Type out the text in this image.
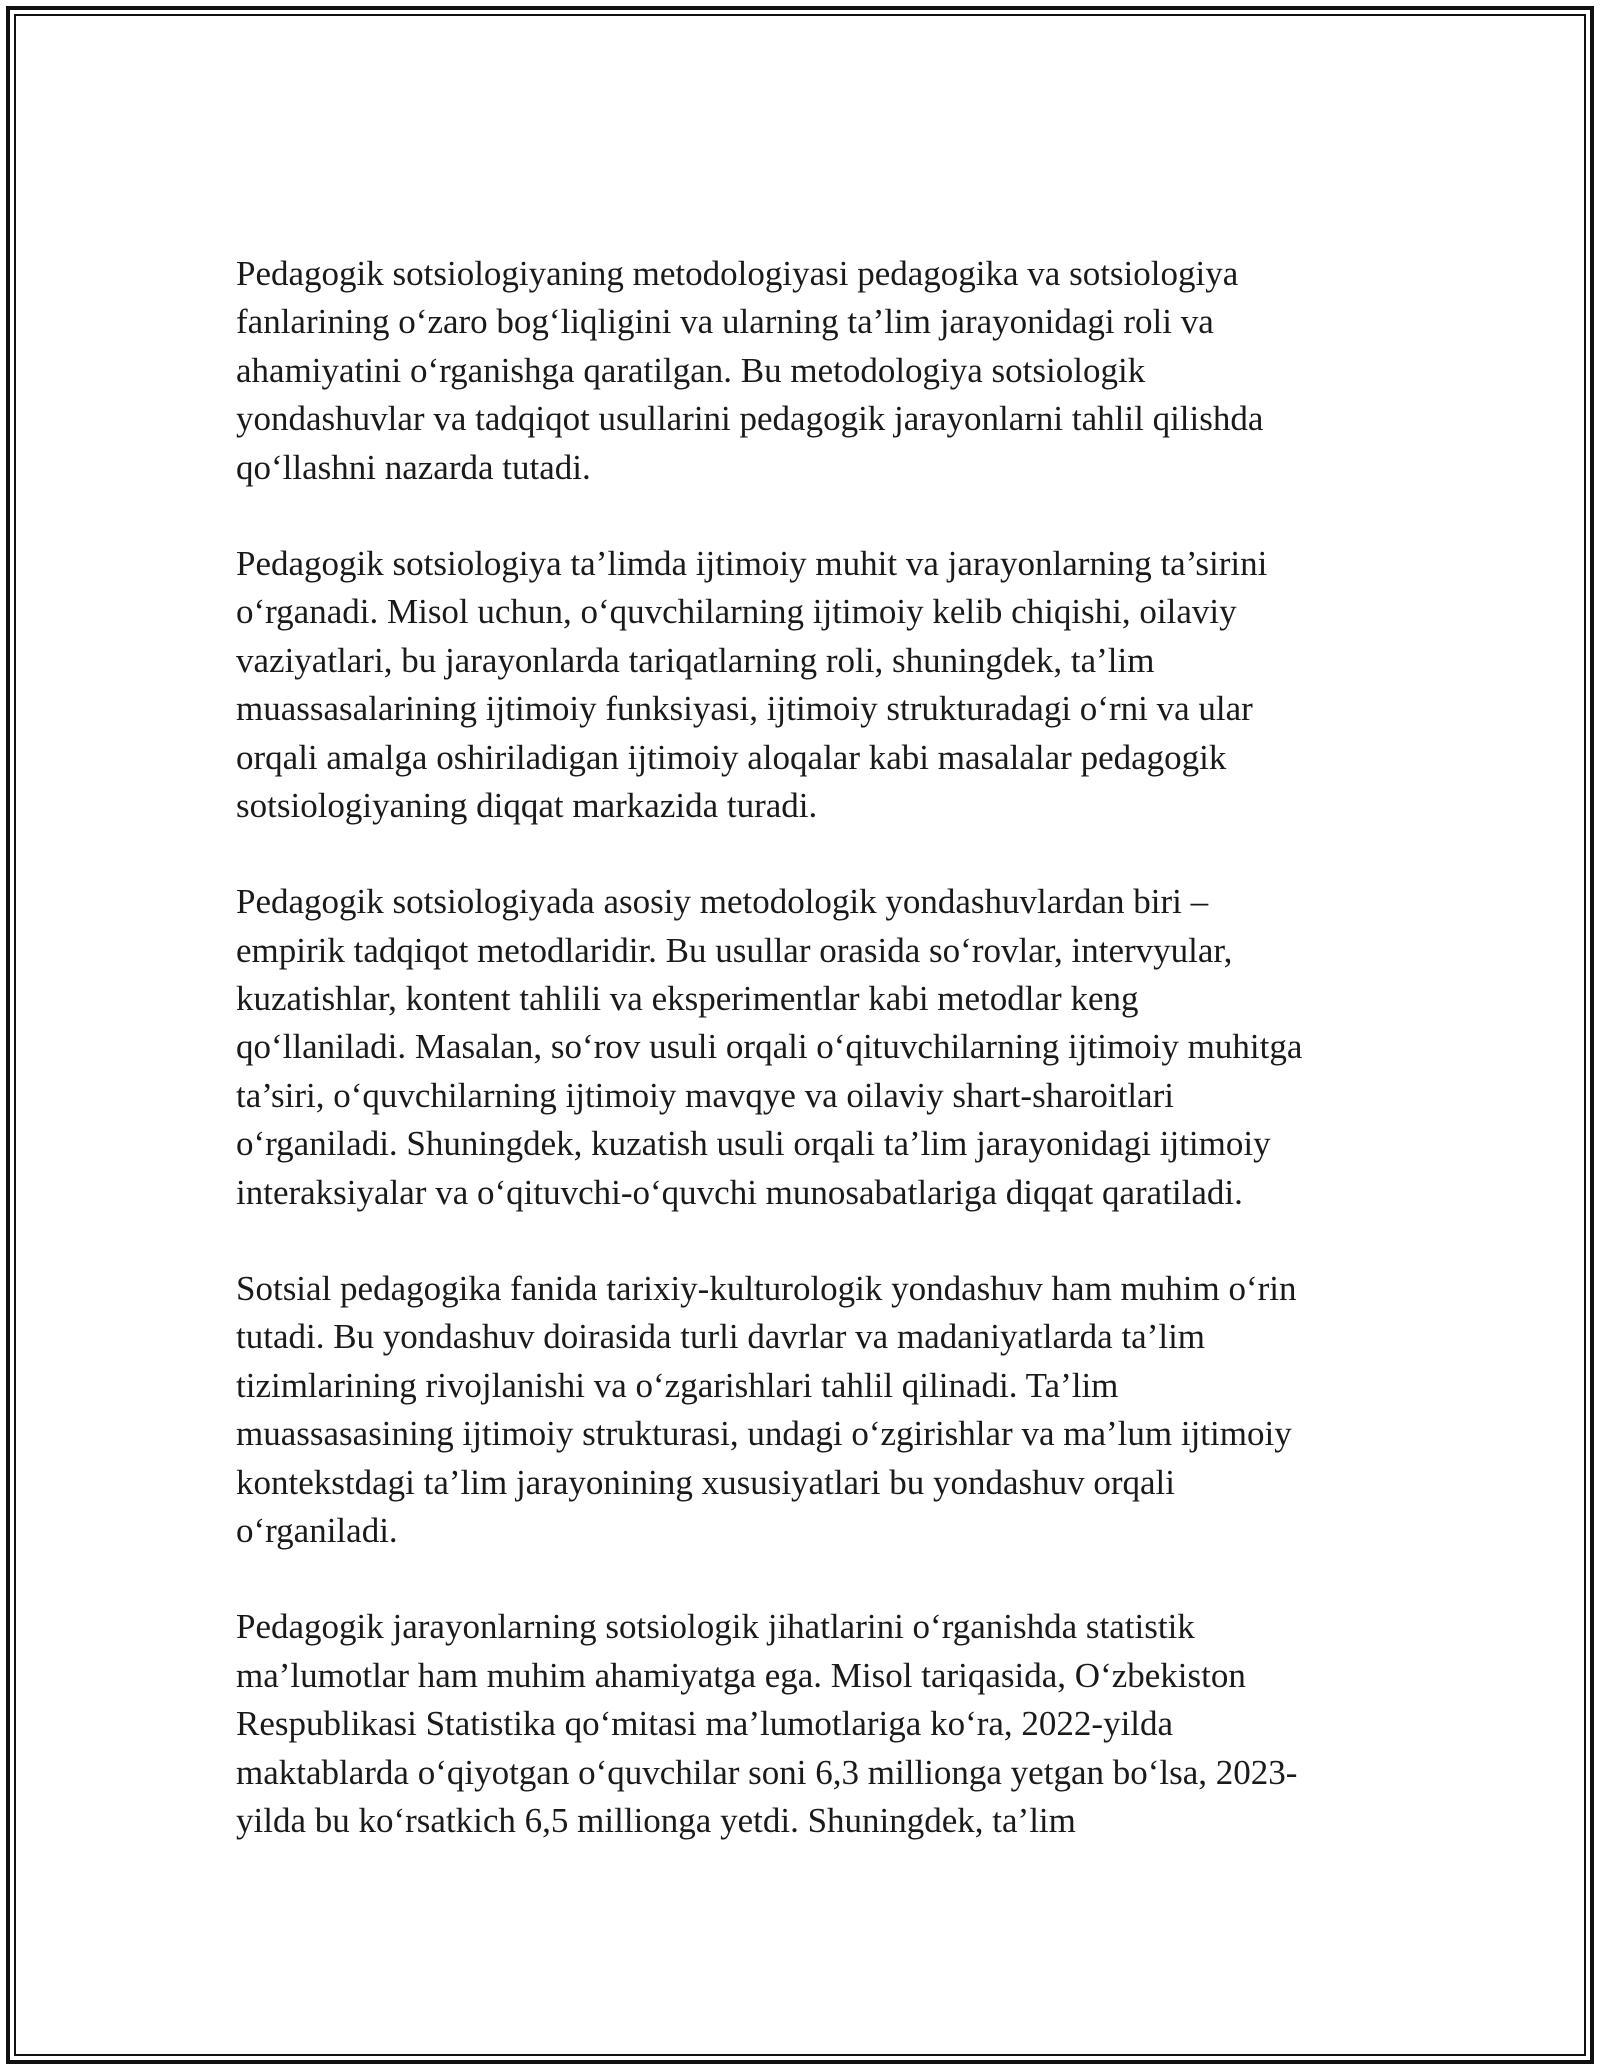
Pedagogik sotsiologiyaning metodologiyasi pedagogika va sotsiologiya
fanlarining o‘zaro bog‘liqligini va ularning ta’lim jarayonidagi roli va
ahamiyatini o‘rganishga qaratilgan. Bu metodologiya sotsiologik
yondashuvlar va tadqiqot usullarini pedagogik jarayonlarni tahlil qilishda
qo‘llashni nazarda tutadi.
Pedagogik sotsiologiya ta’limda ijtimoiy muhit va jarayonlarning ta’sirini
o‘rganadi. Misol uchun, o‘quvchilarning ijtimoiy kelib chiqishi, oilaviy
vaziyatlari, bu jarayonlarda tariqatlarning roli, shuningdek, ta’lim
muassasalarining ijtimoiy funksiyasi, ijtimoiy strukturadagi o‘rni va ular
orqali amalga oshiriladigan ijtimoiy aloqalar kabi masalalar pedagogik
sotsiologiyaning diqqat markazida turadi.
Pedagogik sotsiologiyada asosiy metodologik yondashuvlardan biri –
empirik tadqiqot metodlaridir. Bu usullar orasida so‘rovlar, intervyular,
kuzatishlar, kontent tahlili va eksperimentlar kabi metodlar keng
qo‘llaniladi. Masalan, so‘rov usuli orqali o‘qituvchilarning ijtimoiy muhitga
ta’siri, o‘quvchilarning ijtimoiy mavqye va oilaviy shart-sharoitlari
o‘rganiladi. Shuningdek, kuzatish usuli orqali ta’lim jarayonidagi ijtimoiy
interaksiyalar va o‘qituvchi-o‘quvchi munosabatlariga diqqat qaratiladi.
Sotsial pedagogika fanida tarixiy-kulturologik yondashuv ham muhim o‘rin
tutadi. Bu yondashuv doirasida turli davrlar va madaniyatlarda ta’lim
tizimlarining rivojlanishi va o‘zgarishlari tahlil qilinadi. Ta’lim
muassasasining ijtimoiy strukturasi, undagi o‘zgirishlar va ma’lum ijtimoiy
kontekstdagi ta’lim jarayonining xususiyatlari bu yondashuv orqali
o‘rganiladi.
Pedagogik jarayonlarning sotsiologik jihatlarini o‘rganishda statistik
ma’lumotlar ham muhim ahamiyatga ega. Misol tariqasida, O‘zbekiston
Respublikasi Statistika qo‘mitasi ma’lumotlariga ko‘ra, 2022-yilda
maktablarda o‘qiyotgan o‘quvchilar soni 6,3 millionga yetgan bo‘lsa, 2023-
yilda bu ko‘rsatkich 6,5 millionga yetdi. Shuningdek, ta’lim
